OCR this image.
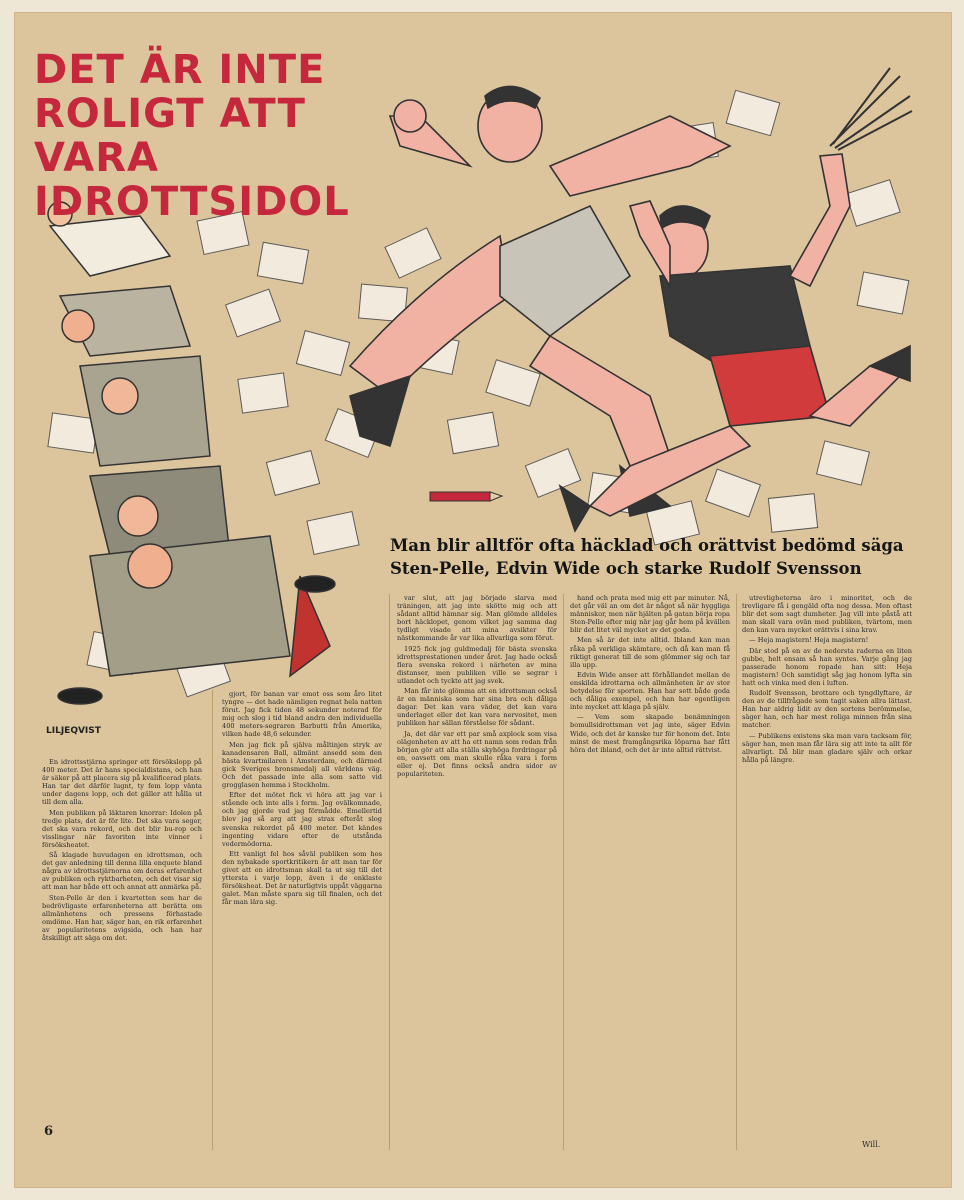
DET ÄR INTE ROLIGT ATT VARA IDROTTSIDOL
LILJEQVIST
Man blir alltför ofta häcklad och orättvist bedömd säga Sten-Pelle, Edvin Wide och starke Rudolf Svensson

En idrottsstjärna springer ett försökslopp på 400 meter. Det är hans specialdistans, och han är säker på att placera sig på kvalificerad plats. Han tar det därför lugnt, ty fem lopp vänta under dagens lopp, och det gäller att hålla ut till dem alla.

Men publiken på läktaren knorrar: Idolen på tredje plats, det är för lite. Det ska vara seger, det ska vara rekord, och det blir bu-rop och visslingar när favoriten inte vinner i försöksheatet.

Så klagade huvudagen en idrottsman, och det gav anledning till denna lilla enquete bland några av idrottsstjärnorna om deras erfarenhet av publiken och ryktbarheten, och det visar sig att man har både ett och annat att anmärka på.

Sten-Pelle är den i kvartetten som har de bedrövligaste erfarenheterna att berätta om allmänhetens och pressens förhastade omdöme. Han har, säger han, en rik erfarenhet av popularitetens avigsida, och han har åtskilligt att säga om det.

gjort, för banan var emot oss som åro litet tyngre — det hade nämligen regnat hela natten förut. Jag fick tiden 48 sekunder noterad för mig och slog i tid bland andra den individuella 400 meters-segraren Barbutti från Amerika, vilken hade 48,6 sekunder.

Men jag fick på själva måltinjen stryk av kanadensaren Ball, allmänt ansedd som den bästa kvartmilaren i Amsterdam, och därmed gick Sveriges bronsmedalj all världens väg. Och det passade inte alla som satte vid grogglasen hemma i Stockholm.

Efter det mötet fick vi höra att jag var i stående och inte alls i form. Jag ovälkomnade, och jag gjorde vad jag förmådde. Emellertid blev jag så arg att jag strax efteråt slog svenska rekordet på 400 meter. Det kändes ingenting vidare efter de utstånda vedermödorna.

Ett vanligt fel hos såväl publiken som hos den nybakade sportkritikern är att man tar för givet att en idrottsman skall ta ut sig till det yttersta i varje lopp, även i de enklaste försöksheat. Det är naturligtvis uppåt väggarna galet. Man måste spara sig till finalen, och det får man lära sig.

var slut, att jag började slarva med träningen, att jag inte skötte mig och att sådant alltid hämnar sig. Man glömde alldeles bort häcklopet, genom vilket jag samma dag tydligt visade att mina avsikter för nästkommande år var lika allvarliga som förut.

1925 fick jag guldmedalj för bästa svenska idrottsprestationen under året. Jag hade också flera svenska rekord i närheten av mina distanser, men publiken ville se segrar i utlandet och tyckte att jag svek.

Man får inte glömma att en idrottsman också är en människa som har sina bra och dåliga dagar. Det kan vara väder, det kan vara underlaget eller det kan vara nervositet, men publiken har sällan förståelse för sådant.

Ja, det där var ett par små axplock som visa olägenheten av att ha ett namn som redan från början gör att alla ställa skyhöga fordringar på en, oavsett om man skulle råka vara i form eller ej. Det finns också andra sidor av populariteten.

hand och prata med mig ett par minuter. Nå, det går väl an om det är något så när hyggliga människor, men när hjälten på gatan börja ropa Sten-Pelle efter mig när jag går hem på kvällen blir det litet väl mycket av det goda.

Men så är det inte alltid. Ibland kan man råka på verkliga skämtare, och då kan man få riktigt generat till de som glömmer sig och tar illa upp.

Edvin Wide anser att förhållandet mellan de enskilda idrottarna och allmänheten är av stor betydelse för sporten. Han har sett både goda och dåliga exempel, och han har egentligen inte mycket att klaga på själv.

— Vem som skapade benämningen bomullsidrottsman vet jag inte, säger Edvin Wide, och det är kanske tur för honom det. Inte minst de mest framgångsrika löparna har fått höra det ibland, och det är inte alltid rättvist.

utrevligheterna äro i minoritet, och de trevligare få i gengäld ofta nog dessa. Men oftast blir det som sagt dumheter. Jag vill inte påstå att man skall vara ovän med publiken, tvärtom, men den kan vara mycket orättvis i sina krav.

— Heja magistern! Heja magistern!

Där stod på en av de nedersta raderna en liten gubbe, helt ensam så han syntes. Varje gång jag passerade honom ropade han sitt: Heja magistern! Och samtidigt såg jag honom lyfta sin hatt och vinka med den i luften.

Rudolf Svensson, brottare och tyngdlyftare, är den av de tillfrågade som tagit saken allra lättast. Han har aldrig lidit av den sortens berömmelse, säger han, och har mest roliga minnen från sina matcher.

— Publikens existens ska man vara tacksam för, säger han, men man får lära sig att inte ta allt för allvarligt. Då blir man gladare själv och orkar hålla på längre.

6
Will.
